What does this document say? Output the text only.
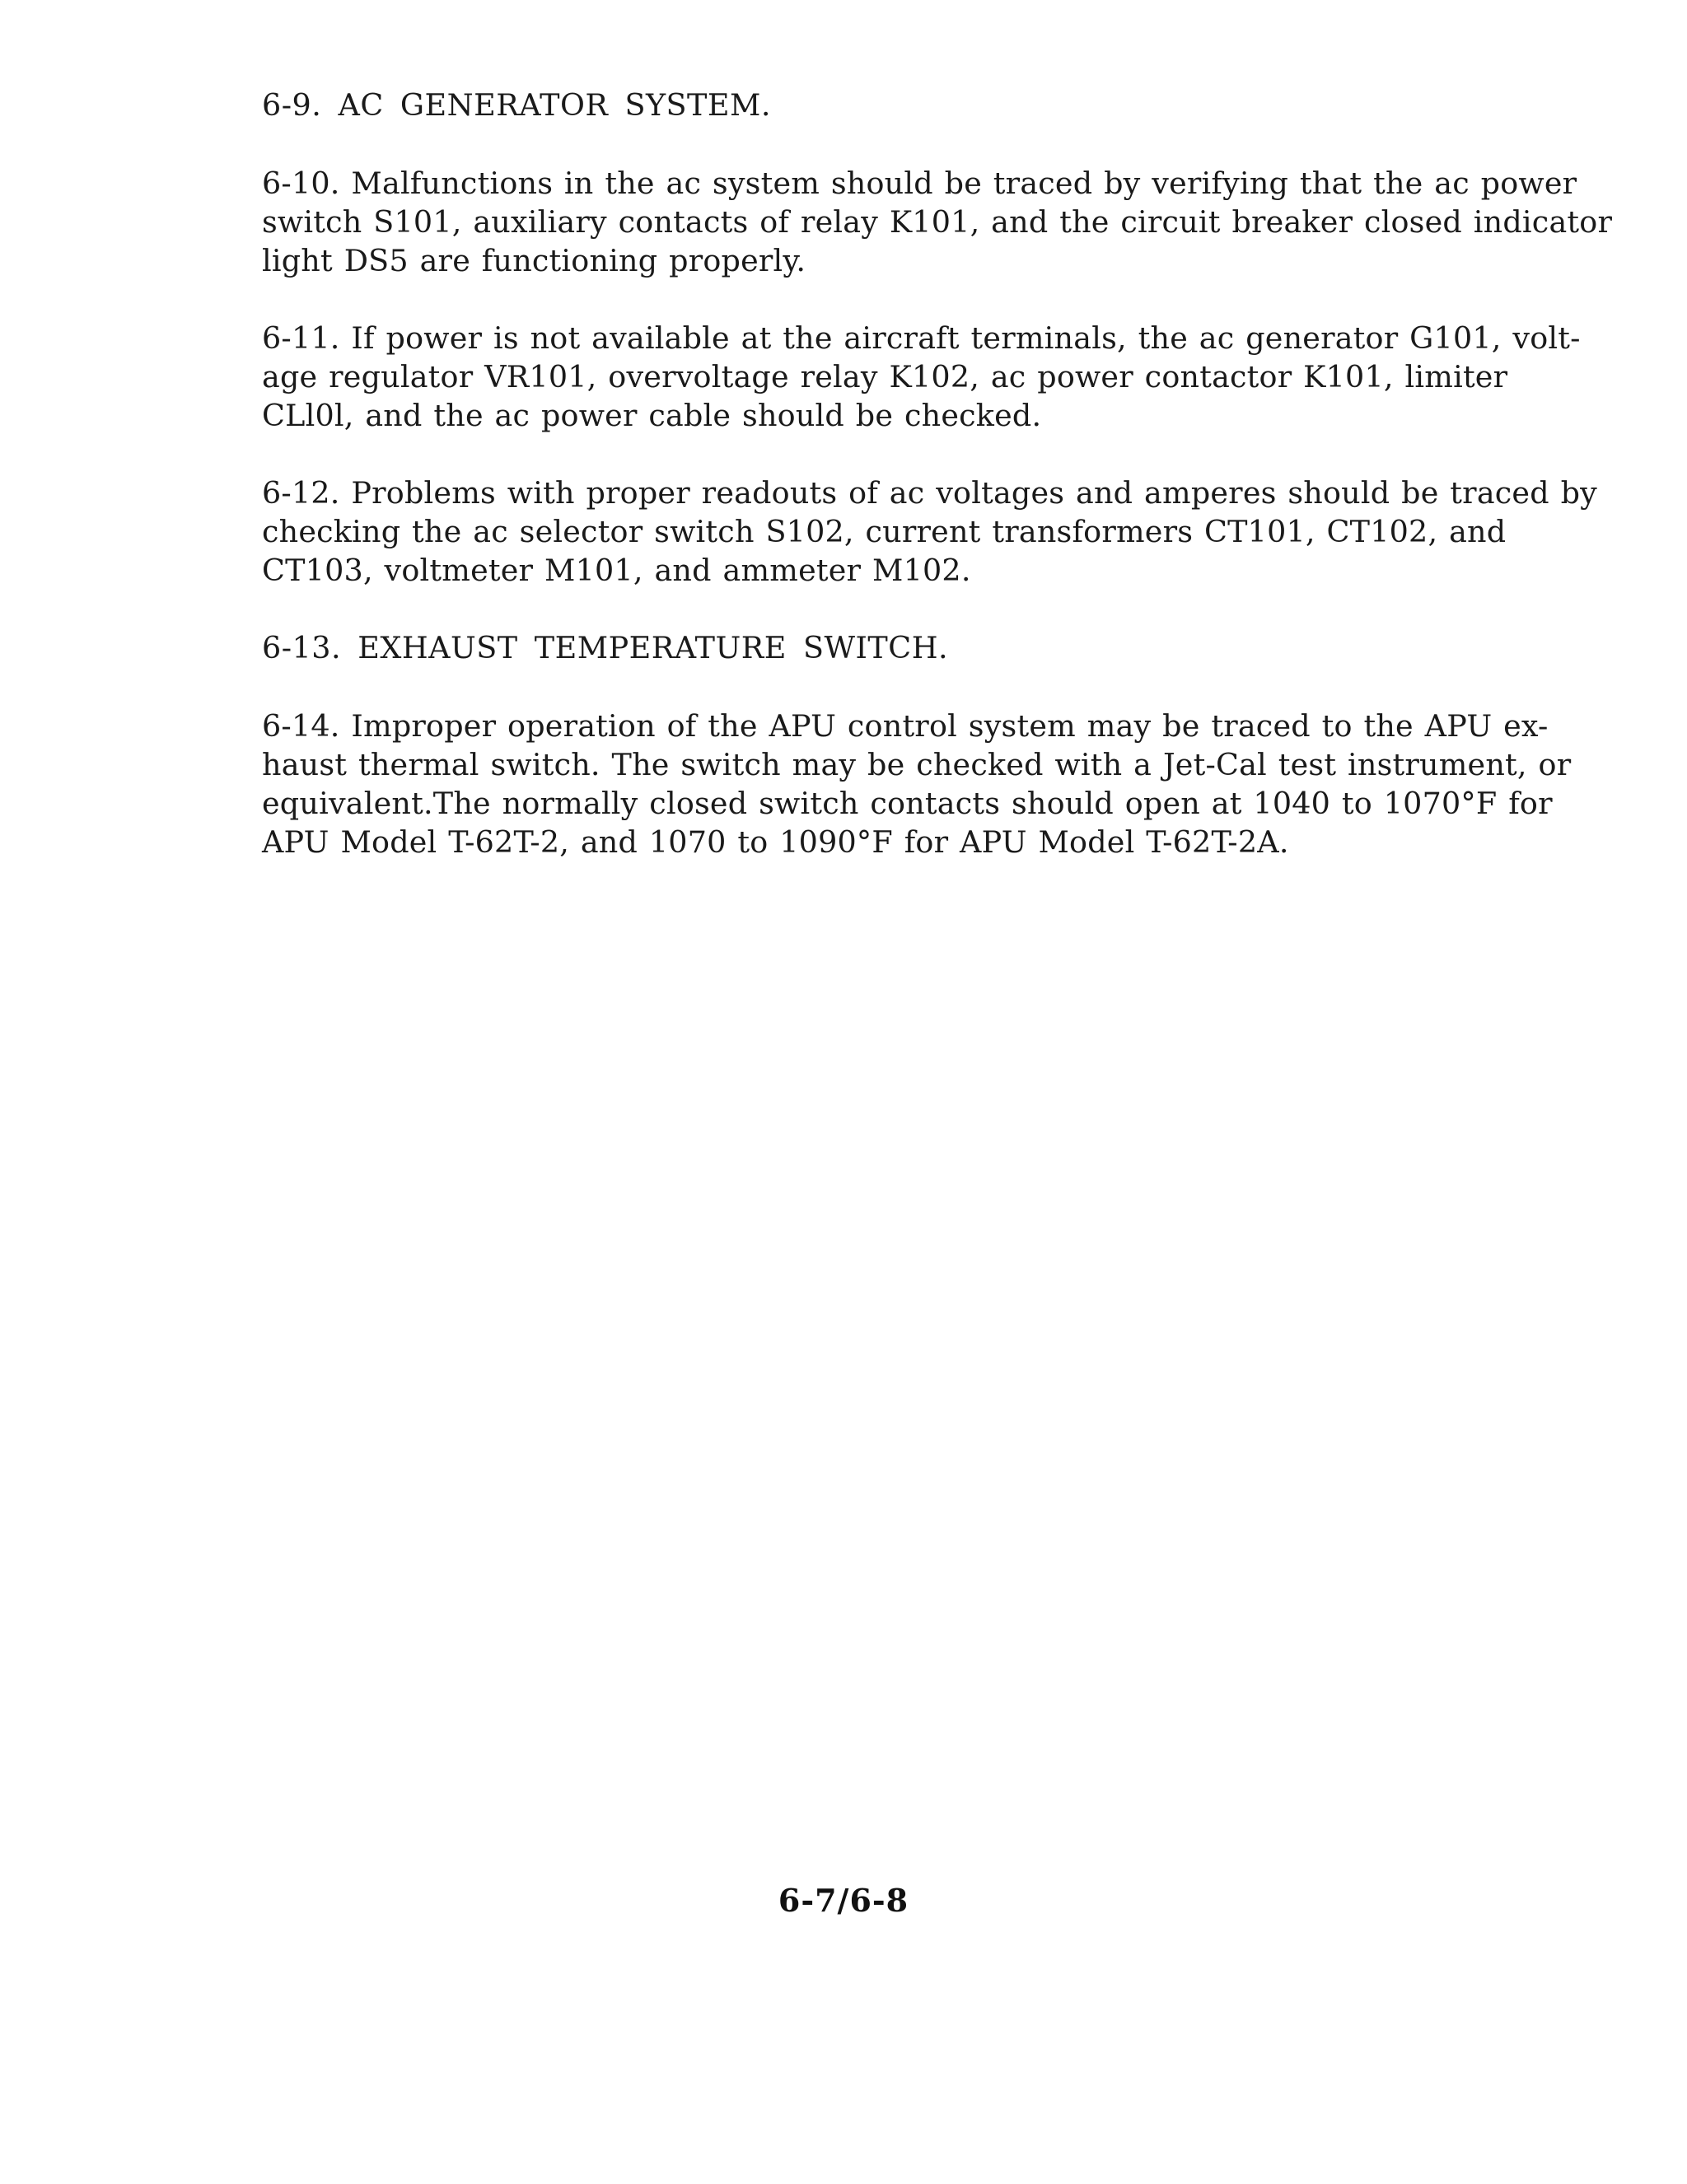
6-9. AC GENERATOR SYSTEM.
6-10. Malfunctions in the ac system should be traced by verifying that the ac power
switch S101, auxiliary contacts of relay K101, and the circuit breaker closed indicator
light DS5 are functioning properly.
6-11. If power is not available at the aircraft terminals, the ac generator G101, volt-
age regulator VR101, overvoltage relay K102, ac power contactor K101, limiter
CLl0l, and the ac power cable should be checked.
6-12. Problems with proper readouts of ac voltages and amperes should be traced by
checking the ac selector switch S102, current transformers CT101, CT102, and
CT103, voltmeter M101, and ammeter M102.
6-13. EXHAUST TEMPERATURE SWITCH.
6-14. Improper operation of the APU control system may be traced to the APU ex-
haust thermal switch. The switch may be checked with a Jet-Cal test instrument, or
equivalent.The normally closed switch contacts should open at 1040 to 1070°F for
APU Model T-62T-2, and 1070 to 1090°F for APU Model T-62T-2A.
6-7/6-8
